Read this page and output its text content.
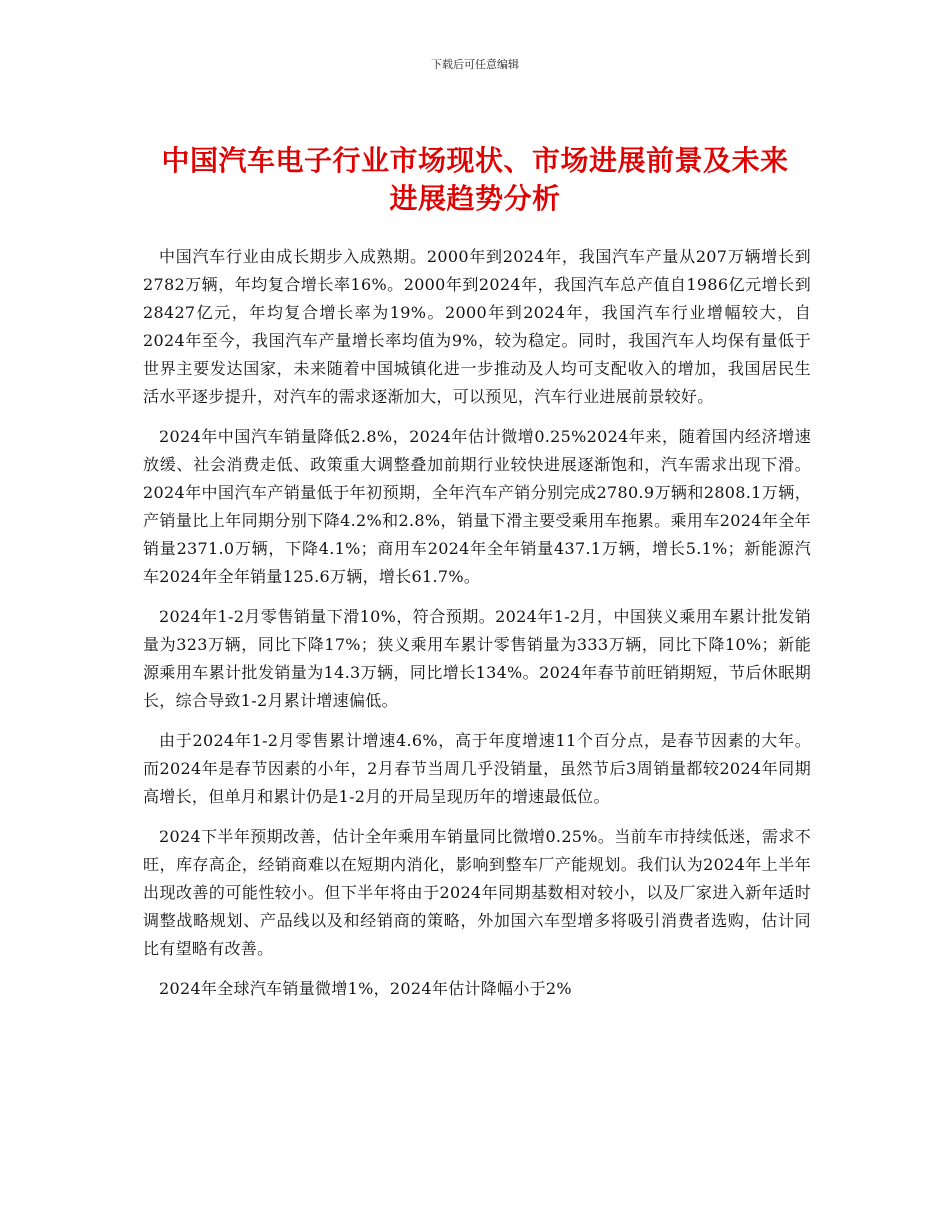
下载后可任意编辑
中国汽车电子行业市场现状、市场进展前景及未来进展趋势分析

中国汽车行业由成长期步入成熟期。2000年到2024年，我国汽车产量从207万辆增长到2782万辆，年均复合增长率16%。2000年到2024年，我国汽车总产值自1986亿元增长到28427亿元，年均复合增长率为19%。2000年到2024年，我国汽车行业增幅较大，自2024年至今，我国汽车产量增长率均值为9%，较为稳定。同时，我国汽车人均保有量低于世界主要发达国家，未来随着中国城镇化进一步推动及人均可支配收入的增加，我国居民生活水平逐步提升，对汽车的需求逐渐加大，可以预见，汽车行业进展前景较好。

2024年中国汽车销量降低2.8%，2024年估计微增0.25%2024年来，随着国内经济增速放缓、社会消费走低、政策重大调整叠加前期行业较快进展逐渐饱和，汽车需求出现下滑。2024年中国汽车产销量低于年初预期，全年汽车产销分别完成2780.9万辆和2808.1万辆，产销量比上年同期分别下降4.2%和2.8%，销量下滑主要受乘用车拖累。乘用车2024年全年销量2371.0万辆，下降4.1%；商用车2024年全年销量437.1万辆，增长5.1%；新能源汽车2024年全年销量125.6万辆，增长61.7%。

2024年1-2月零售销量下滑10%，符合预期。2024年1-2月，中国狭义乘用车累计批发销量为323万辆，同比下降17%；狭义乘用车累计零售销量为333万辆，同比下降10%；新能源乘用车累计批发销量为14.3万辆，同比增长134%。2024年春节前旺销期短，节后休眠期长，综合导致1-2月累计增速偏低。

由于2024年1-2月零售累计增速4.6%，高于年度增速11个百分点，是春节因素的大年。而2024年是春节因素的小年，2月春节当周几乎没销量，虽然节后3周销量都较2024年同期高增长，但单月和累计仍是1-2月的开局呈现历年的增速最低位。

2024下半年预期改善，估计全年乘用车销量同比微增0.25%。当前车市持续低迷，需求不旺，库存高企，经销商难以在短期内消化，影响到整车厂产能规划。我们认为2024年上半年出现改善的可能性较小。但下半年将由于2024年同期基数相对较小，以及厂家进入新年适时调整战略规划、产品线以及和经销商的策略，外加国六车型增多将吸引消费者选购，估计同比有望略有改善。

2024年全球汽车销量微增1%，2024年估计降幅小于2%
